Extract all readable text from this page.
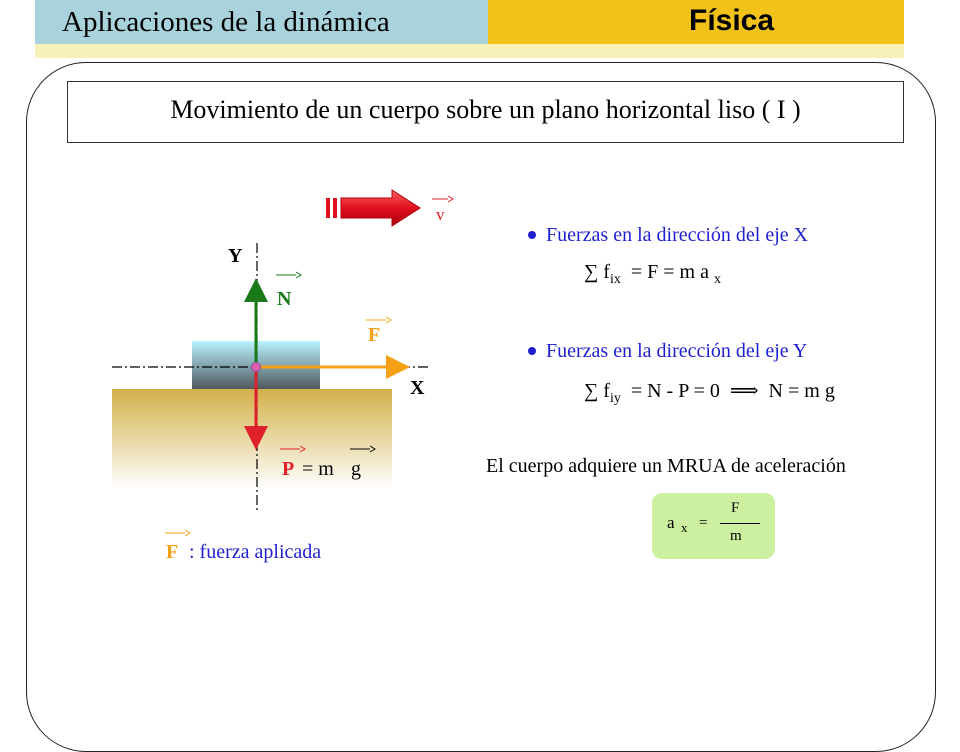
Aplicaciones de la dinámica	Física
Movimiento de un cuerpo sobre un plano horizontal liso ( I )
v
Y
X
N
F
P = m g
F : fuerza aplicada
Fuerzas en la dirección del eje X
∑ $f_{ix} = F = m$ a $_x$
Fuerzas en la dirección del eje Y
∑ $f_{iy} = N - P = 0$ ⟹ N = m g
El cuerpo adquiere un MRUA de aceleración
a x =
F
m
